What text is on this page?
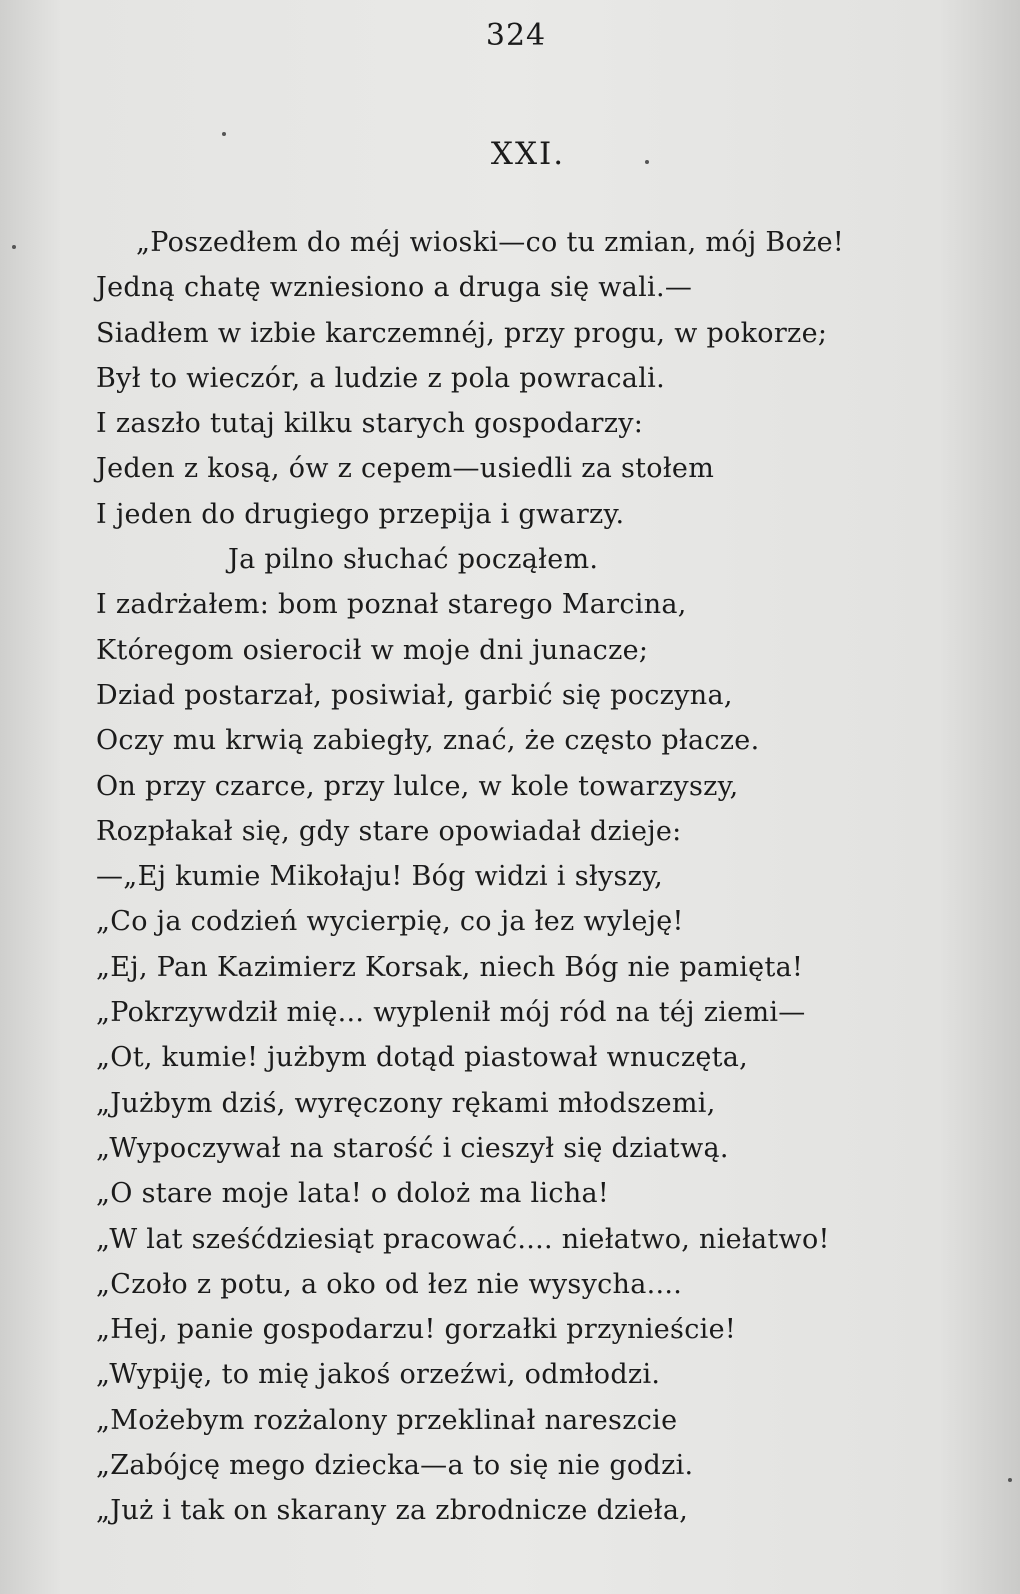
324
XXI.
„Poszedłem do méj wioski—co tu zmian, mój Boże!
Jedną chatę wzniesiono a druga się wali.—
Siadłem w izbie karczemnéj, przy progu, w pokorze;
Był to wieczór, a ludzie z pola powracali.
I zaszło tutaj kilku starych gospodarzy:
Jeden z kosą, ów z cepem—usiedli za stołem
I jeden do drugiego przepija i gwarzy.
Ja pilno słuchać począłem.
I zadrżałem: bom poznał starego Marcina,
Któregom osierocił w moje dni junacze;
Dziad postarzał, posiwiał, garbić się poczyna,
Oczy mu krwią zabiegły, znać, że często płacze.
On przy czarce, przy lulce, w kole towarzyszy,
Rozpłakał się, gdy stare opowiadał dzieje:
—„Ej kumie Mikołaju! Bóg widzi i słyszy,
„Co ja codzień wycierpię, co ja łez wyleję!
„Ej, Pan Kazimierz Korsak, niech Bóg nie pamięta!
„Pokrzywdził mię... wyplenił mój ród na téj ziemi—
„Ot, kumie! jużbym dotąd piastował wnuczęta,
„Jużbym dziś, wyręczony rękami młodszemi,
„Wypoczywał na starość i cieszył się dziatwą.
„O stare moje lata! o doloż ma licha!
„W lat sześćdziesiąt pracować.... niełatwo, niełatwo!
„Czoło z potu, a oko od łez nie wysycha....
„Hej, panie gospodarzu! gorzałki przynieście!
„Wypiję, to mię jakoś orzeźwi, odmłodzi.
„Możebym rozżalony przeklinał nareszcie
„Zabójcę mego dziecka—a to się nie godzi.
„Już i tak on skarany za zbrodnicze dzieła,
